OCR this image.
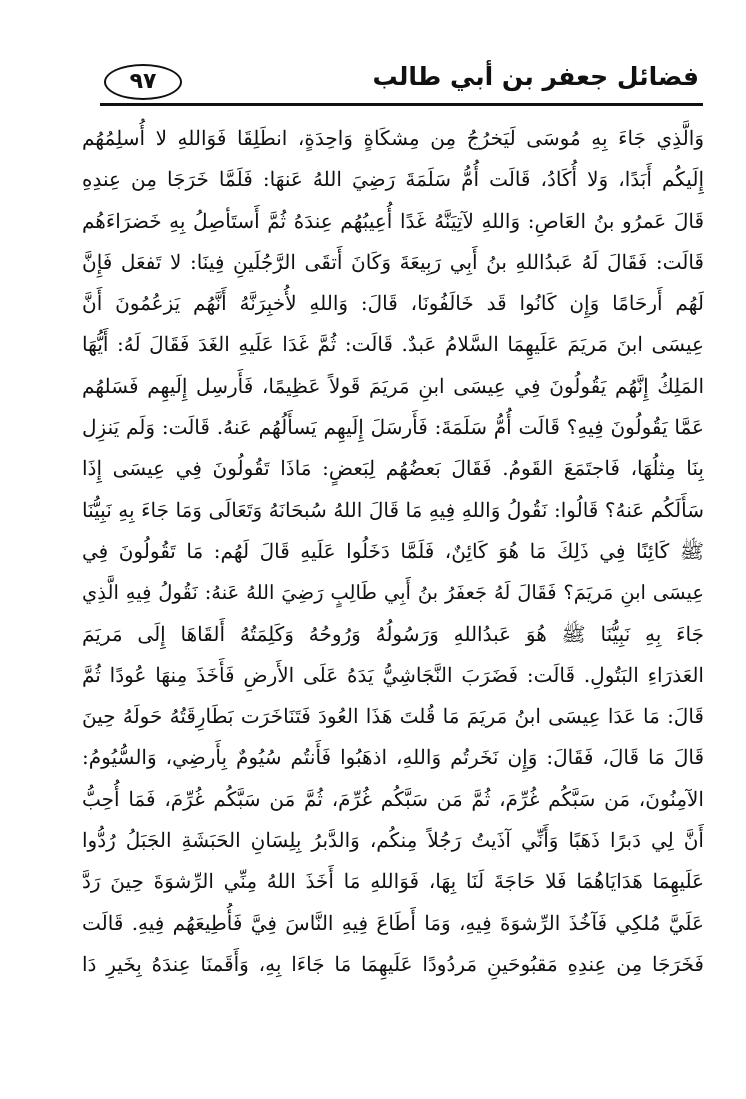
فضائل جعفر بن أبي طالب
٩٧
وَالَّذِي جَاءَ بِهِ مُوسَى لَيَخرُجُ مِن مِشكَاةٍ وَاحِدَةٍ، انطَلِقَا فَوَاللهِ لا أُسلِمُهُم
إِلَيكُم أَبَدًا، وَلا أُكَادُ، قَالَت أُمُّ سَلَمَةَ رَضِيَ اللهُ عَنهَا: فَلَمَّا خَرَجَا مِن عِندِهِ
قَالَ عَمرُو بنُ العَاصِ: وَاللهِ لآتِيَنَّهُ غَدًا أُعِيبُهُم عِندَهُ ثُمَّ أَستَأصِلُ بِهِ خَضرَاءَهُم
قَالَت: فَقَالَ لَهُ عَبدُاللهِ بنُ أَبِي رَبِيعَةَ وَكَانَ أَتقَى الرَّجُلَينِ فِينَا: لا تَفعَل فَإِنَّ
لَهُم أَرحَامًا وَإِن كَانُوا قَد خَالَفُونَا، قَالَ: وَاللهِ لأُخبِرَنَّهُ أَنَّهُم يَزعُمُونَ أَنَّ
عِيسَى ابنَ مَريَمَ عَلَيهِمَا السَّلامُ عَبدٌ. قَالَت: ثُمَّ غَدَا عَلَيهِ الغَدَ فَقَالَ لَهُ: أَيُّهَا
المَلِكُ إِنَّهُم يَقُولُونَ فِي عِيسَى ابنِ مَريَمَ قَولاً عَظِيمًا، فَأَرسِل إِلَيهِم فَسَلهُم
عَمَّا يَقُولُونَ فِيهِ؟ قَالَت أُمُّ سَلَمَةَ: فَأَرسَلَ إِلَيهِم يَسأَلُهُم عَنهُ. قَالَت: وَلَم يَنزِل
بِنَا مِثلُهَا، فَاجتَمَعَ القَومُ. فَقَالَ بَعضُهُم لِبَعضٍ: مَاذَا تَقُولُونَ فِي عِيسَى إِذَا
سَأَلَكُم عَنهُ؟ قَالُوا: نَقُولُ وَاللهِ فِيهِ مَا قَالَ اللهُ سُبحَانَهُ وَتَعَالَى وَمَا جَاءَ بِهِ نَبِيُّنَا
ﷺ كَائِنًا فِي ذَلِكَ مَا هُوَ كَائِنٌ، فَلَمَّا دَخَلُوا عَلَيهِ قَالَ لَهُم: مَا تَقُولُونَ فِي
عِيسَى ابنِ مَريَمَ؟ فَقَالَ لَهُ جَعفَرُ بنُ أَبِي طَالِبٍ رَضِيَ اللهُ عَنهُ: نَقُولُ فِيهِ الَّذِي
جَاءَ بِهِ نَبِيُّنَا ﷺ هُوَ عَبدُاللهِ وَرَسُولُهُ وَرُوحُهُ وَكَلِمَتُهُ أَلقَاهَا إِلَى مَريَمَ
العَذرَاءِ البَتُولِ. قَالَت: فَضَرَبَ النَّجَاشِيُّ يَدَهُ عَلَى الأَرضِ فَأَخَذَ مِنهَا عُودًا ثُمَّ
قَالَ: مَا عَدَا عِيسَى ابنُ مَريَمَ مَا قُلتَ هَذَا العُودَ فَتَنَاخَرَت بَطَارِقَتُهُ حَولَهُ حِينَ
قَالَ مَا قَالَ، فَقَالَ: وَإِن نَخَرتُم وَاللهِ، اذهَبُوا فَأَنتُم سُيُومٌ بِأَرضِي، وَالسُّيُومُ:
الآمِنُونَ، مَن سَبَّكُم غُرِّمَ، ثُمَّ مَن سَبَّكُم غُرِّمَ، ثُمَّ مَن سَبَّكُم غُرِّمَ، فَمَا أُحِبُّ
أَنَّ لِي دَبرًا ذَهَبًا وَأَنِّي آذَيتُ رَجُلاً مِنكُم، وَالدَّبرُ بِلِسَانِ الحَبَشَةِ الجَبَلُ رُدُّوا
عَلَيهِمَا هَدَايَاهُمَا فَلا حَاجَةَ لَنَا بِهَا، فَوَاللهِ مَا أَخَذَ اللهُ مِنِّي الرِّشوَةَ حِينَ رَدَّ
عَلَيَّ مُلكِي فَآخُذَ الرِّشوَةَ فِيهِ، وَمَا أَطَاعَ فِيهِ النَّاسَ فِيَّ فَأُطِيعَهُم فِيهِ. قَالَت
فَخَرَجَا مِن عِندِهِ مَقبُوحَينِ مَردُودًا عَلَيهِمَا مَا جَاءَا بِهِ، وَأَقَمنَا عِندَهُ بِخَيرِ دَا
